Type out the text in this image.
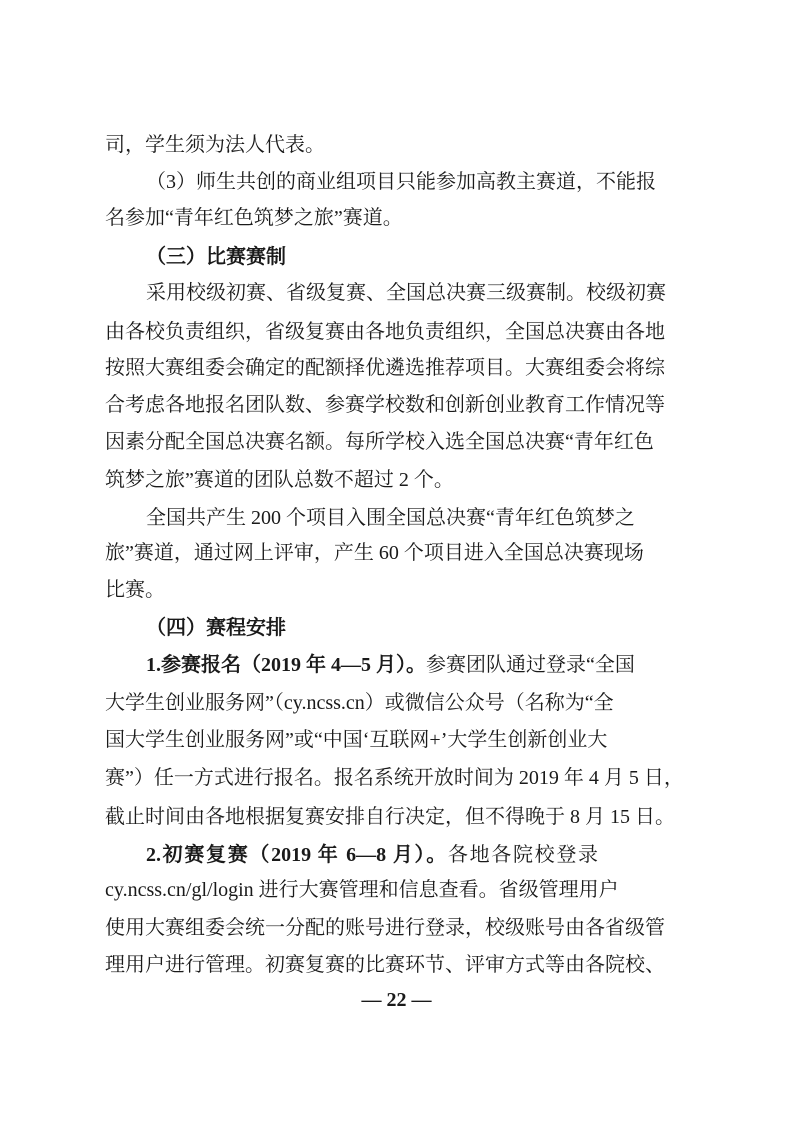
司，学生须为法人代表。
（3）师生共创的商业组项目只能参加高教主赛道，不能报
名参加“青年红色筑梦之旅”赛道。
（三）比赛赛制
采用校级初赛、省级复赛、全国总决赛三级赛制。校级初赛
由各校负责组织，省级复赛由各地负责组织，全国总决赛由各地
按照大赛组委会确定的配额择优遴选推荐项目。大赛组委会将综
合考虑各地报名团队数、参赛学校数和创新创业教育工作情况等
因素分配全国总决赛名额。每所学校入选全国总决赛“青年红色
筑梦之旅”赛道的团队总数不超过 2 个。
全国共产生 200 个项目入围全国总决赛“青年红色筑梦之
旅”赛道，通过网上评审，产生 60 个项目进入全国总决赛现场
比赛。
（四）赛程安排
1.参赛报名（2019 年 4—5 月）。参赛团队通过登录“全国
大学生创业服务网”（cy.ncss.cn）或微信公众号（名称为“全
国大学生创业服务网”或“中国‘互联网+’大学生创新创业大
赛”）任一方式进行报名。报名系统开放时间为 2019 年 4 月 5 日，
截止时间由各地根据复赛安排自行决定，但不得晚于 8 月 15 日。
2.初赛复赛（2019 年 6—8 月）。各地各院校登录
cy.ncss.cn/gl/login 进行大赛管理和信息查看。省级管理用户
使用大赛组委会统一分配的账号进行登录，校级账号由各省级管
理用户进行管理。初赛复赛的比赛环节、评审方式等由各院校、
— 22 —
